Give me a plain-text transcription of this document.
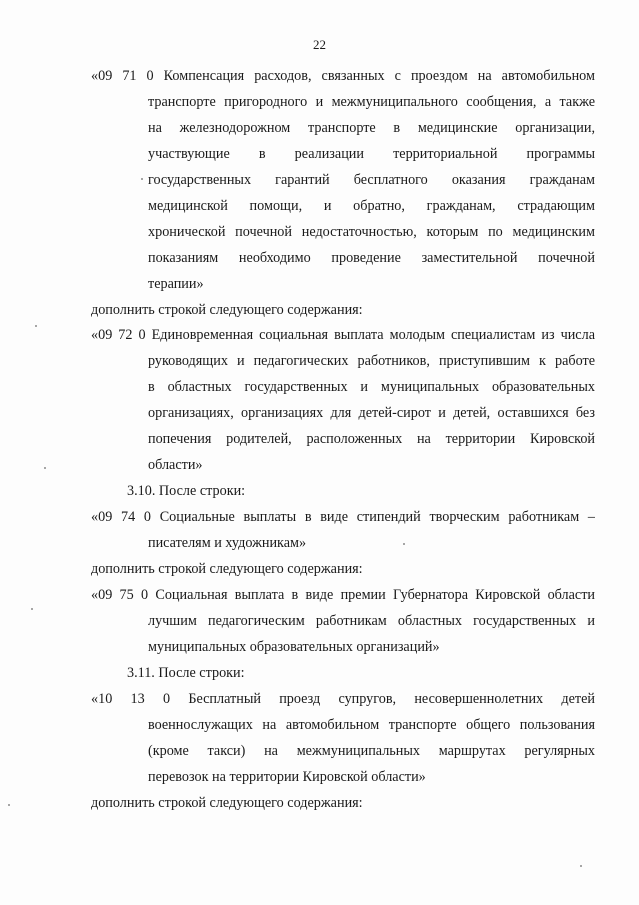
22
«09 71 0 Компенсация расходов, связанных с проездом на автомобильном
транспорте пригородного и межмуниципального сообщения, а также
на железнодорожном транспорте в медицинские организации,
участвующие в реализации территориальной программы
государственных гарантий бесплатного оказания гражданам
медицинской помощи, и обратно, гражданам, страдающим
хронической почечной недостаточностью, которым по медицинским
показаниям необходимо проведение заместительной почечной
терапии»
дополнить строкой следующего содержания:
«09 72 0 Единовременная социальная выплата молодым специалистам из числа
руководящих и педагогических работников, приступившим к работе
в областных государственных и муниципальных образовательных
организациях, организациях для детей-сирот и детей, оставшихся без
попечения родителей, расположенных на территории Кировской
области»
3.10. После строки:
«09 74 0 Социальные выплаты в виде стипендий творческим работникам –
писателям и художникам»
дополнить строкой следующего содержания:
«09 75 0 Социальная выплата в виде премии Губернатора Кировской области
лучшим педагогическим работникам областных государственных и
муниципальных образовательных организаций»
3.11. После строки:
«10 13 0 Бесплатный проезд супругов, несовершеннолетних детей
военнослужащих на автомобильном транспорте общего пользования
(кроме такси) на межмуниципальных маршрутах регулярных
перевозок на территории Кировской области»
дополнить строкой следующего содержания:
